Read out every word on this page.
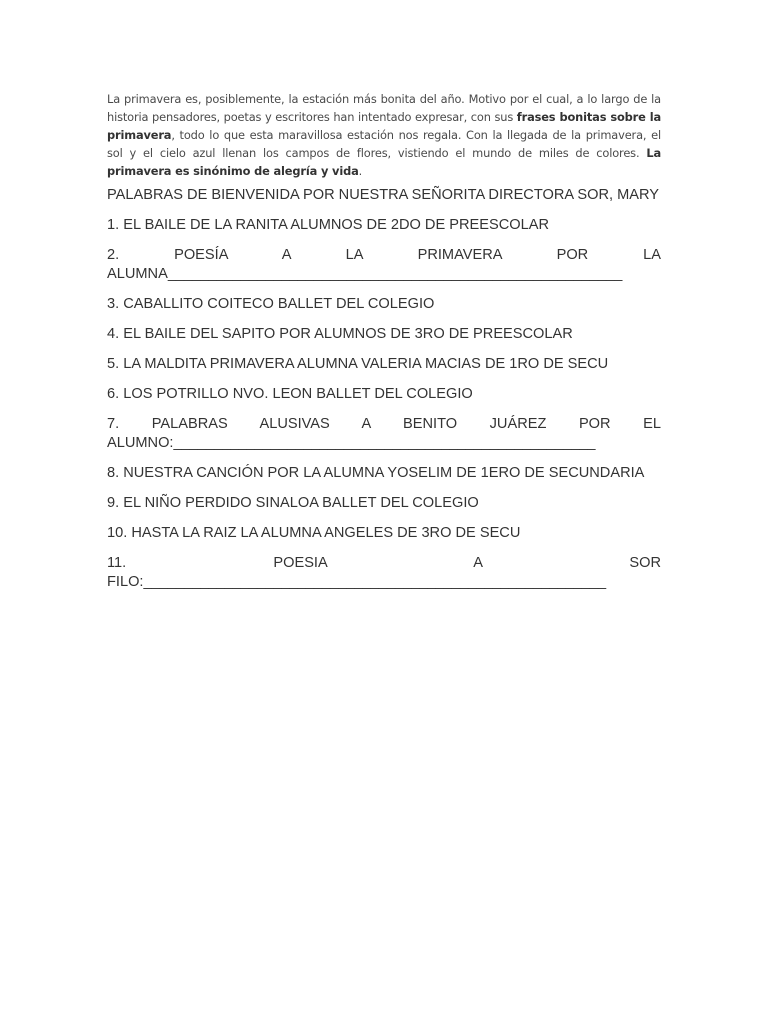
La primavera es, posiblemente, la estación más bonita del año. Motivo por el cual, a lo largo de la historia pensadores, poetas y escritores han intentado expresar, con sus frases bonitas sobre la primavera, todo lo que esta maravillosa estación nos regala. Con la llegada de la primavera, el sol y el cielo azul llenan los campos de flores, vistiendo el mundo de miles de colores. La primavera es sinónimo de alegría y vida.

PALABRAS DE BIENVENIDA POR NUESTRA SEÑORITA DIRECTORA SOR, MARY

1. EL BAILE DE LA RANITA ALUMNOS DE 2DO DE PREESCOLAR

2. POESÍA A LA PRIMAVERA POR LA ALUMNA________________________________________________________

3. CABALLITO COITECO BALLET DEL COLEGIO

4. EL BAILE DEL SAPITO POR ALUMNOS DE 3RO DE PREESCOLAR

5. LA MALDITA PRIMAVERA ALUMNA VALERIA MACIAS DE 1RO DE SECU

6. LOS POTRILLO NVO. LEON BALLET DEL COLEGIO

7. PALABRAS ALUSIVAS A BENITO JUÁREZ POR EL ALUMNO:____________________________________________________

8. NUESTRA CANCIÓN POR LA ALUMNA YOSELIM DE 1ERO DE SECUNDARIA

9. EL NIÑO PERDIDO SINALOA BALLET DEL COLEGIO

10. HASTA LA RAIZ LA ALUMNA ANGELES DE 3RO DE SECU

11. POESIA A SOR FILO:_________________________________________________________
